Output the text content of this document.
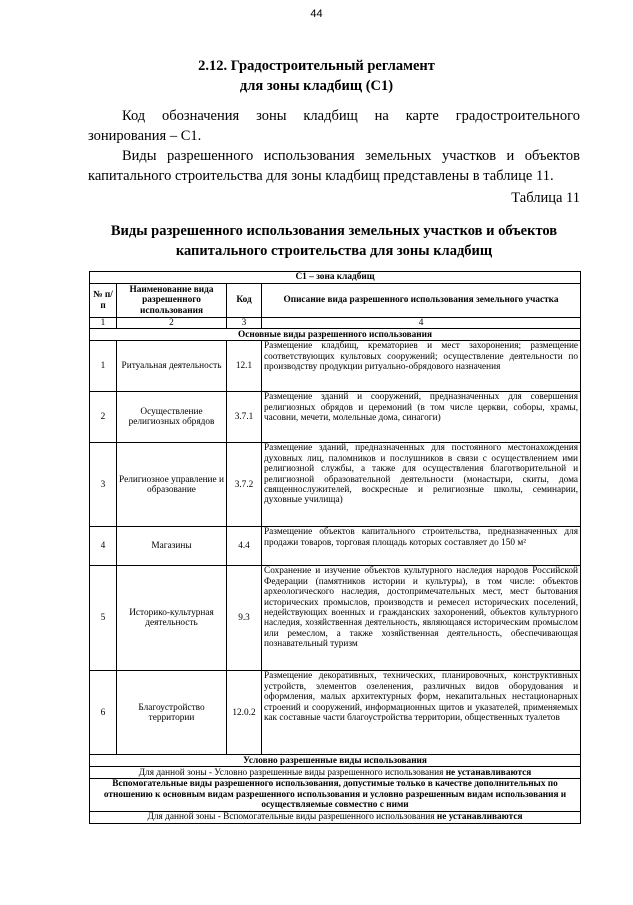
44
2.12. Градостроительный регламент
для зоны кладбищ (С1)
Код обозначения зоны кладбищ на карте градостроительного зонирования – С1.
Виды разрешенного использования земельных участков и объектов капитального строительства для зоны кладбищ представлены в таблице 11.
Таблица 11
Виды разрешенного использования земельных участков и объектов
капитального строительства для зоны кладбищ
С1 – зона кладбищ			
№ п/п	Наименование вида разрешенного использования	Код	Описание вида разрешенного использования земельного участка
1	2	3	4
Основные виды разрешенного использования			
1	Ритуальная деятельность	12.1	Размещение кладбищ, крематориев и мест захоронения; размещение соответствующих культовых сооружений; осуществление деятельности по производству продукции ритуально-обрядового назначения
2	Осуществление религиозных обрядов	3.7.1	Размещение зданий и сооружений, предназначенных для совершения религиозных обрядов и церемоний (в том числе церкви, соборы, храмы, часовни, мечети, молельные дома, синагоги)
3	Религиозное управление и образование	3.7.2	Размещение зданий, предназначенных для постоянного местонахождения духовных лиц, паломников и послушников в связи с осуществлением ими религиозной службы, а также для осуществления благотворительной и религиозной образовательной деятельности (монастыри, скиты, дома священнослужителей, воскресные и религиозные школы, семинарии, духовные училища)
4	Магазины	4.4	Размещение объектов капитального строительства, предназначенных для продажи товаров, торговая площадь которых составляет до 150 м²
5	Историко-культурная деятельность	9.3	Сохранение и изучение объектов культурного наследия народов Российской Федерации (памятников истории и культуры), в том числе: объектов археологического наследия, достопримечательных мест, мест бытования исторических промыслов, производств и ремесел исторических поселений, недействующих военных и гражданских захоронений, объектов культурного наследия, хозяйственная деятельность, являющаяся историческим промыслом или ремеслом, а также хозяйственная деятельность, обеспечивающая познавательный туризм
6	Благоустройство территории	12.0.2	Размещение декоративных, технических, планировочных, конструктивных устройств, элементов озеленения, различных видов оборудования и оформления, малых архитектурных форм, некапитальных нестационарных строений и сооружений, информационных щитов и указателей, применяемых как составные части благоустройства территории, общественных туалетов
Условно разрешенные виды использования			
Для данной зоны - Условно разрешенные виды разрешенного использования не устанавливаются			
Вспомогательные виды разрешенного использования, допустимые только в качестве дополнительных по отношению к основным видам разрешенного использования и условно разрешенным видам использования и осуществляемые совместно с ними			
Для данной зоны - Вспомогательные виды разрешенного использования не устанавливаются			
